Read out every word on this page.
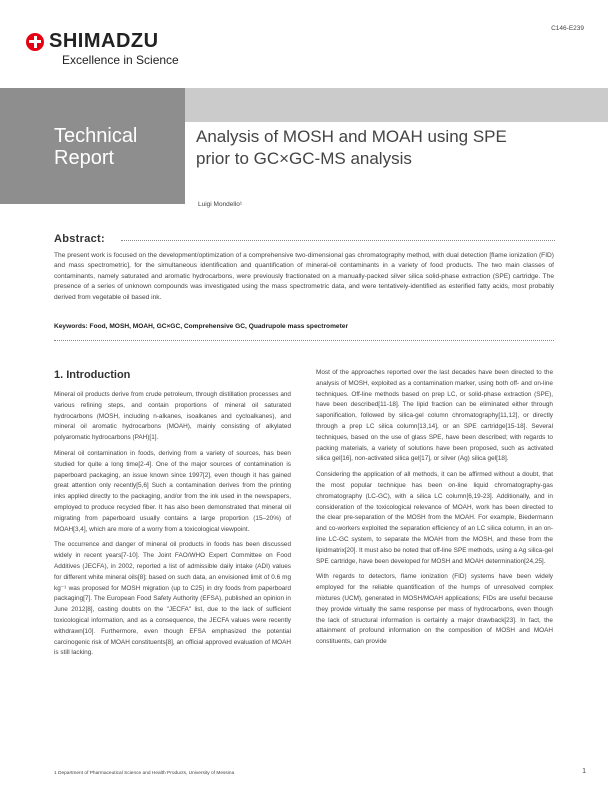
C146-E239
SHIMADZU
Excellence in Science
Technical
Report
Analysis of MOSH and MOAH using SPE
prior to GC×GC-MS analysis
Luigi Mondello¹
Abstract:
The present work is focused on the development/optimization of a comprehensive two-dimensional gas chromatography method, with dual detection [flame ionization (FID) and mass spectrometric], for the simultaneous identification and quantification of mineral-oil contaminants in a variety of food products. The two main classes of contaminants, namely saturated and aromatic hydrocarbons, were previously fractionated on a manually-packed silver silica solid-phase extraction (SPE) cartridge. The presence of a series of unknown compounds was investigated using the mass spectrometric data, and were tentatively-identified as esterified fatty acids, most probably derived from vegetable oil based ink.
Keywords: Food, MOSH, MOAH, GC×GC, Comprehensive GC, Quadrupole mass spectrometer
1. Introduction

Mineral oil products derive from crude petroleum, through distillation processes and various refining steps, and contain proportions of mineral oil saturated hydrocarbons (MOSH, including n-alkanes, isoalkanes and cycloalkanes), and mineral oil aromatic hydrocarbons (MOAH), mainly consisting of alkylated polyaromatic hydrocarbons (PAH)[1].

Mineral oil contamination in foods, deriving from a variety of sources, has been studied for quite a long time[2-4]. One of the major sources of contamination is paperboard packaging, an issue known since 1997[2], even though it has gained great attention only recently[5,6] Such a contamination derives from the printing inks applied directly to the packaging, and/or from the ink used in the newspapers, employed to produce recycled fiber. It has also been demonstrated that mineral oil migrating from paperboard usually contains a large proportion (15–20%) of MOAH[3,4], which are more of a worry from a toxicological viewpoint.

The occurrence and danger of mineral oil products in foods has been discussed widely in recent years[7-10]. The Joint FAO/WHO Expert Committee on Food Additives (JECFA), in 2002, reported a list of admissible daily intake (ADI) values for different white mineral oils[8]; based on such data, an envisioned limit of 0.6 mg kg⁻¹ was proposed for MOSH migration (up to C25) in dry foods from paperboard packaging[7]. The European Food Safety Authority (EFSA), published an opinion in June 2012[8], casting doubts on the "JECFA" list, due to the lack of sufficient toxicological information, and as a consequence, the JECFA values were recently withdrawn[10]. Furthermore, even though EFSA emphasized the potential carcinogenic risk of MOAH constituents[8], an official approved evaluation of MOAH is still lacking.

Most of the approaches reported over the last decades have been directed to the analysis of MOSH, exploited as a contamination marker, using both off- and on-line techniques. Off-line methods based on prep LC, or solid-phase extraction (SPE), have been described[11-18]. The lipid fraction can be eliminated either through saponification, followed by silica-gel column chromatography[11,12], or directly through a prep LC silica column[13,14], or an SPE cartridge[15-18]. Several techniques, based on the use of glass SPE, have been described; with regards to packing materials, a variety of solutions have been proposed, such as activated silica gel[16], non-activated silica gel[17], or silver (Ag) silica gel[18].

Considering the application of all methods, it can be affirmed without a doubt, that the most popular technique has been on-line liquid chromatography-gas chromatography (LC-GC), with a silica LC column[6,19-23]. Additionally, and in consideration of the toxicological relevance of MOAH, work has been directed to the clear pre-separation of the MOSH from the MOAH. For example, Biedermann and co-workers exploited the separation efficiency of an LC silica column, in an on-line LC-GC system, to separate the MOAH from the MOSH, and these from the lipidmatrix[20]. It must also be noted that off-line SPE methods, using a Ag silica-gel SPE cartridge, have been developed for MOSH and MOAH determination[24,25].

With regards to detectors, flame ionization (FID) systems have been widely employed for the reliable quantification of the humps of unresolved complex mixtures (UCM), generated in MOSH/MOAH applications; FIDs are useful because they provide virtually the same response per mass of hydrocarbons, even though the lack of structural information is certainly a major drawback[23]. In fact, the attainment of profound information on the composition of MOSH and MOAH constituents, can provide

1 Department of Pharmaceutical Science and Health Products, University of Messina	1
